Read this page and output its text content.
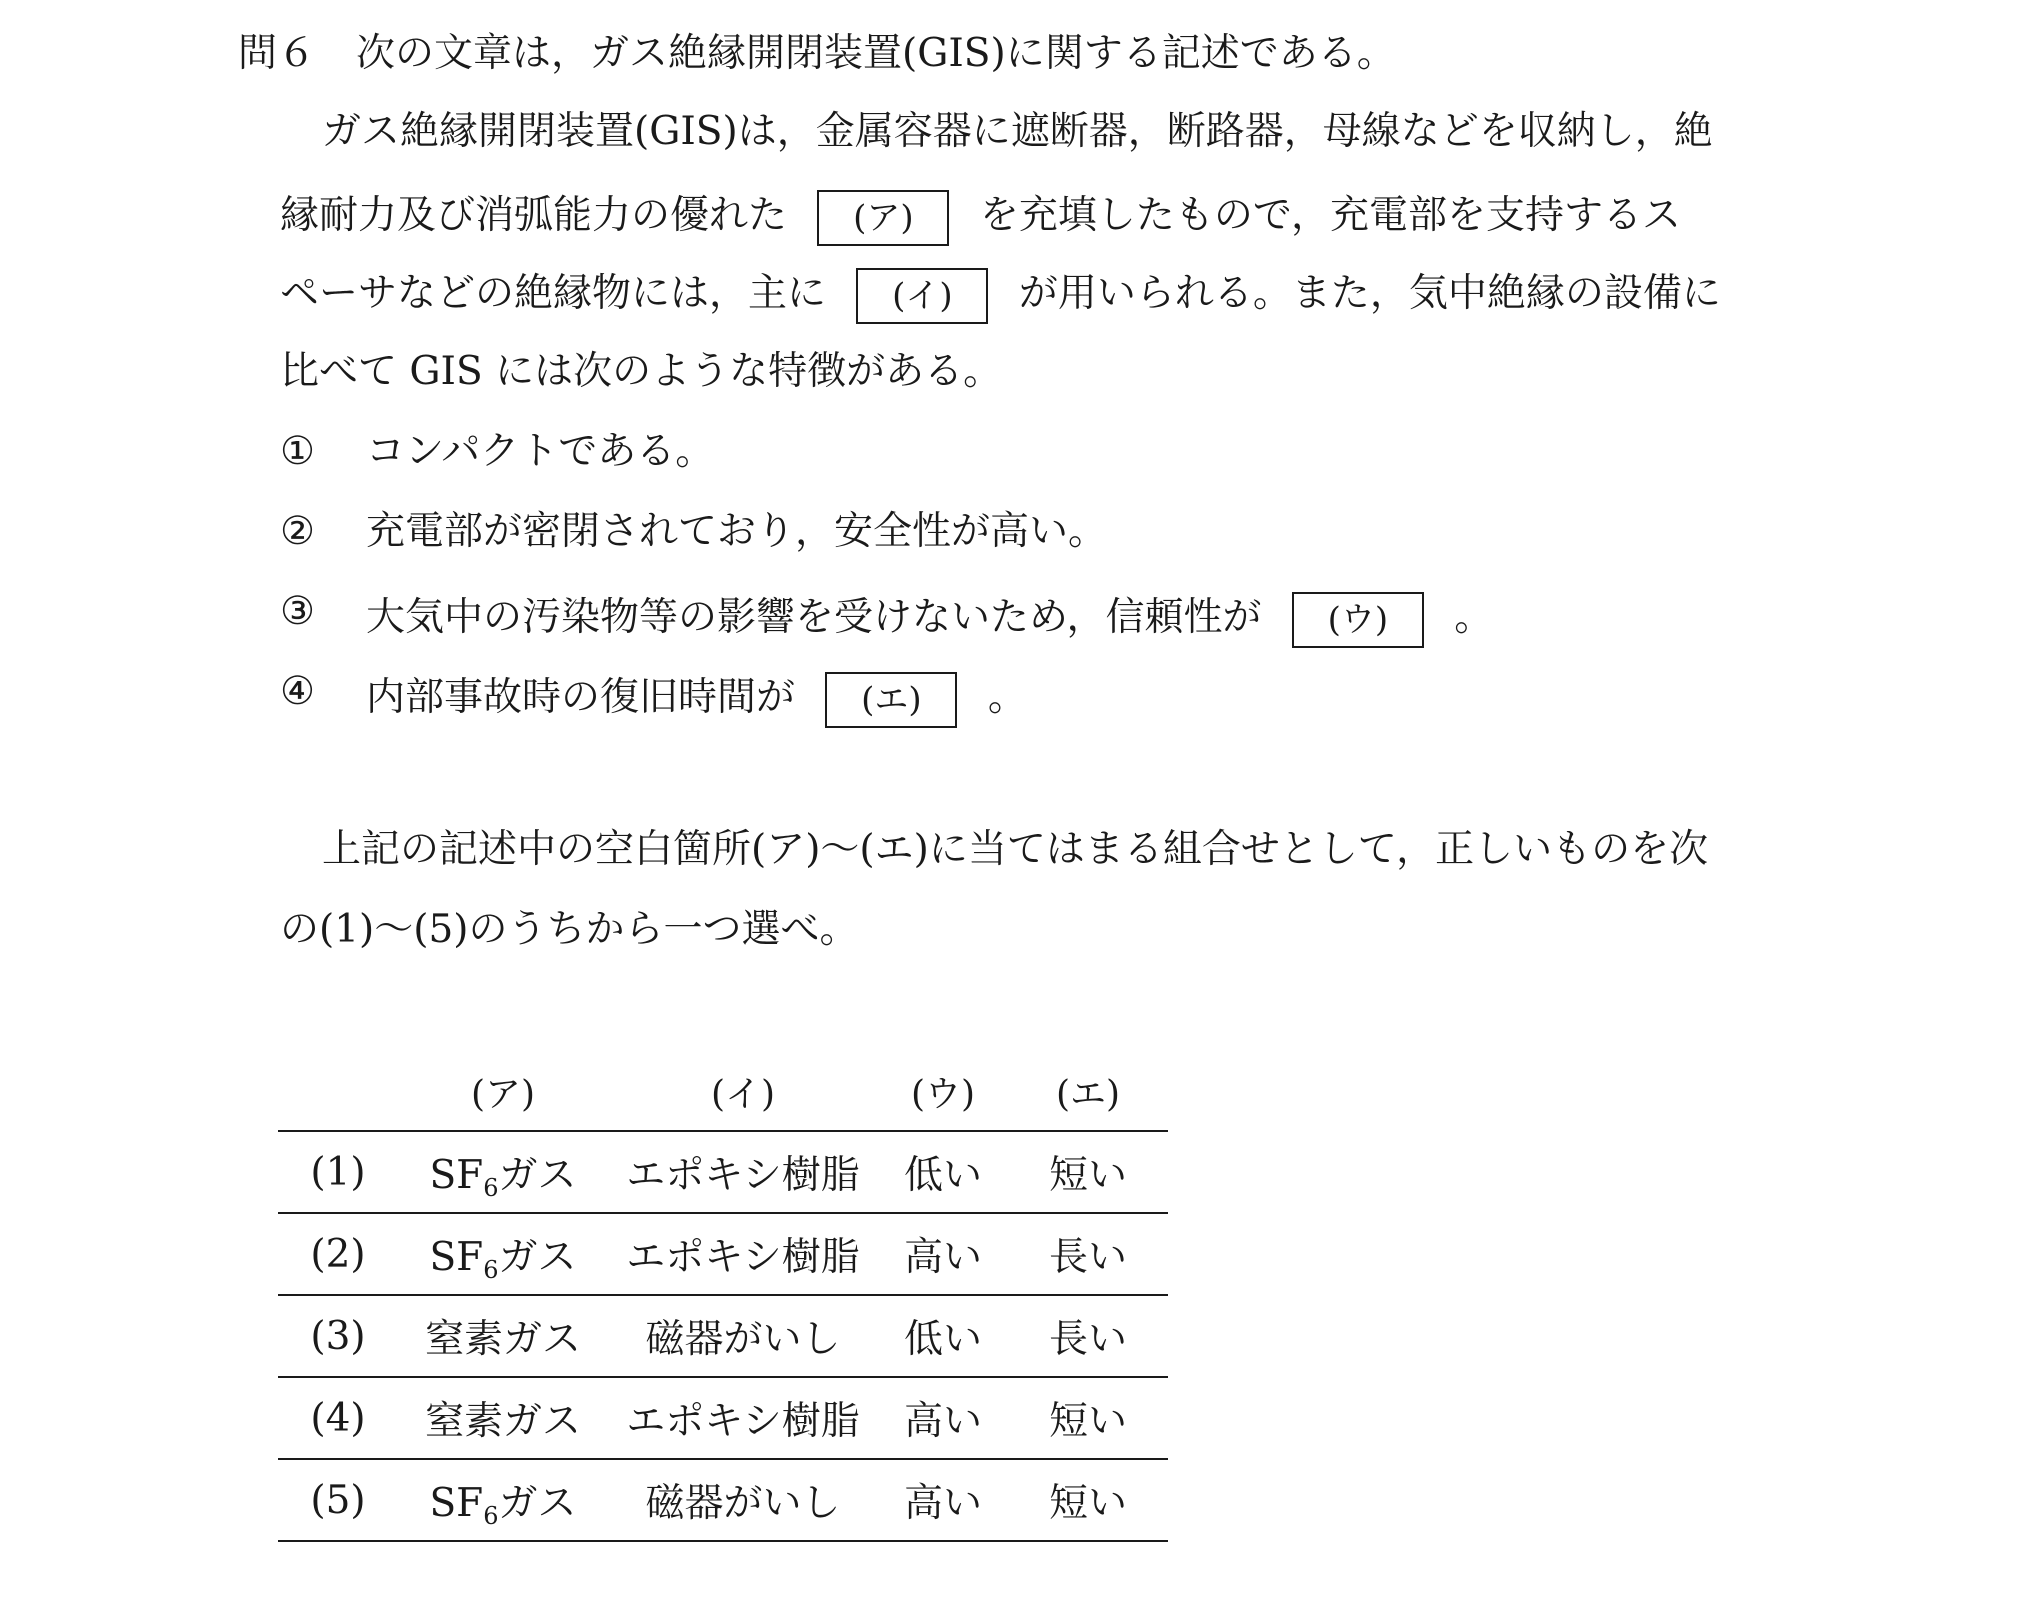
問６ 次の文章は，ガス絶縁開閉装置(GIS)に関する記述である。
ガス絶縁開閉装置(GIS)は，金属容器に遮断器，断路器，母線などを収納し，絶
縁耐力及び消弧能力の優れた (ア) を充填したもので，充電部を支持するス
ペーサなどの絶縁物には，主に (イ) が用いられる。また，気中絶縁の設備に
比べて GIS には次のような特徴がある。
① コンパクトである。
② 充電部が密閉されており，安全性が高い。
③ 大気中の汚染物等の影響を受けないため，信頼性が (ウ) 。
④ 内部事故時の復旧時間が (エ) 。
上記の記述中の空白箇所(ア)～(エ)に当てはまる組合せとして，正しいものを次
の(1)～(5)のうちから一つ選べ。
	(ア)	(イ)	(ウ)	(エ)
(1)	$SF_6$ガス	エポキシ樹脂	低い	短い
(2)	$SF_6$ガス	エポキシ樹脂	高い	長い
(3)	窒素ガス	磁器がいし	低い	長い
(4)	窒素ガス	エポキシ樹脂	高い	短い
(5)	$SF_6$ガス	磁器がいし	高い	短い
